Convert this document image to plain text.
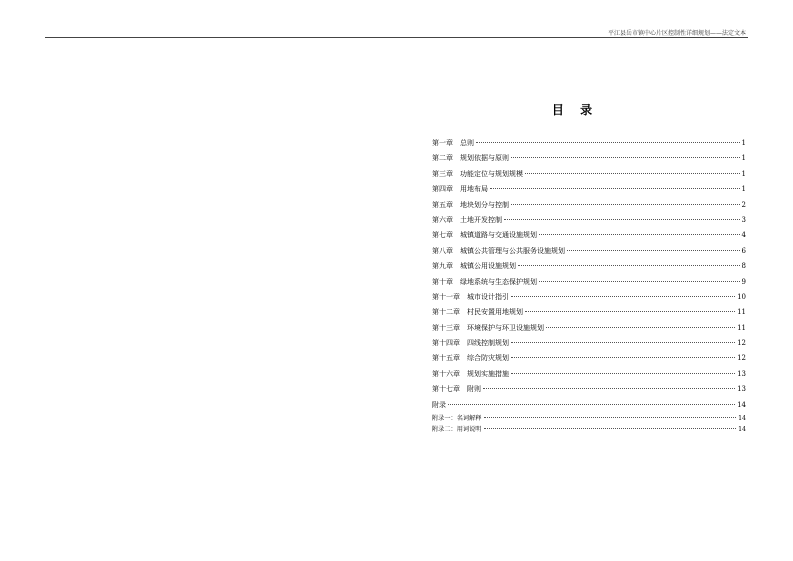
平江县岳市镇中心片区控制性详细规划——法定文本
目 录
第一章 总则	1
第二章 规划依据与原则	1
第三章 功能定位与规划规模	1
第四章 用地布局	1
第五章 地块划分与控制	2
第六章 土地开发控制	3
第七章 城镇道路与交通设施规划	4
第八章 城镇公共管理与公共服务设施规划	6
第九章 城镇公用设施规划	8
第十章 绿地系统与生态保护规划	9
第十一章 城市设计指引	10
第十二章 村民安置用地规划	11
第十三章 环境保护与环卫设施规划	11
第十四章 四线控制规划	12
第十五章 综合防灾规划	12
第十六章 规划实施措施	13
第十七章 附则	13
附录	14
附录一：名词解释	14
附录二：用词说明	14
